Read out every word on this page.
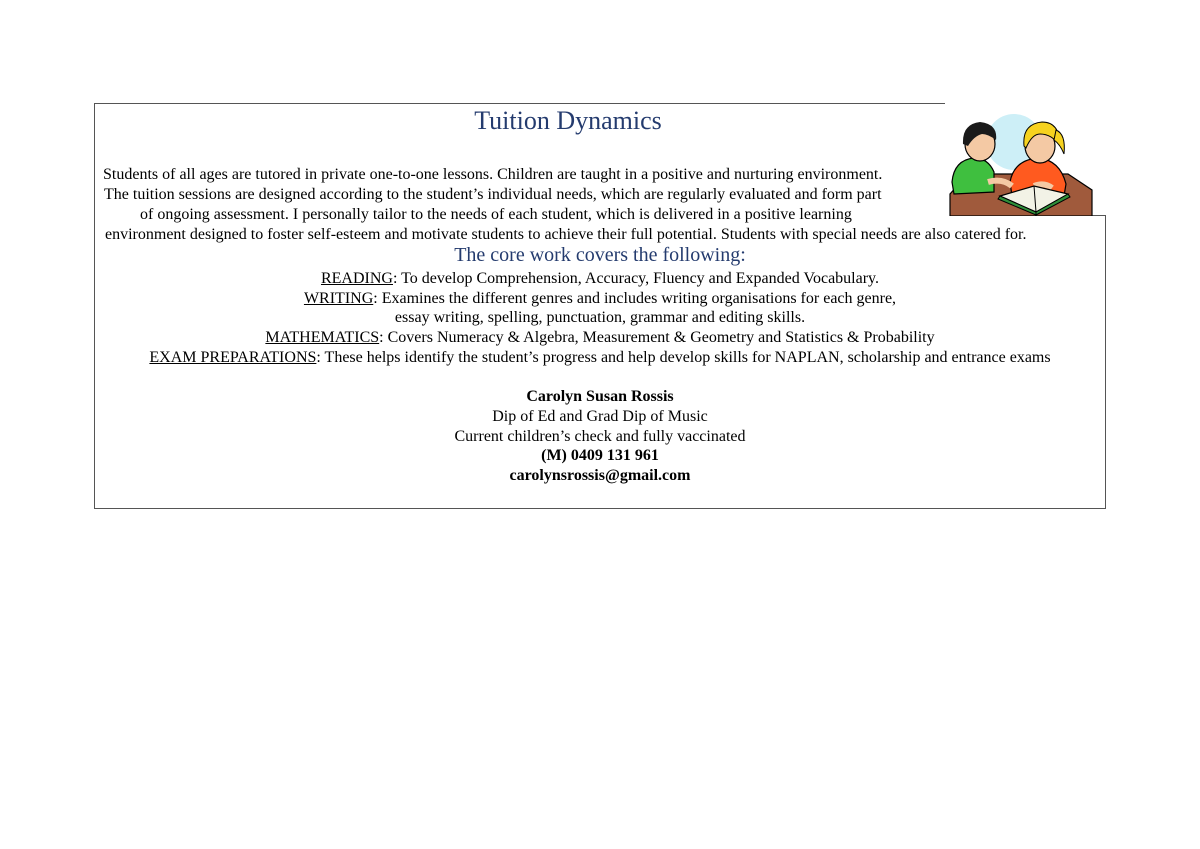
Tuition Dynamics
Students of all ages are tutored in private one-to-one lessons. Children are taught in a positive and nurturing environment.
The tuition sessions are designed according to the student’s individual needs, which are regularly evaluated and form part
of ongoing assessment. I personally tailor to the needs of each student, which is delivered in a positive learning
environment designed to foster self-esteem and motivate students to achieve their full potential. Students with special needs are also catered for.
The core work covers the following:
READING: To develop Comprehension, Accuracy, Fluency and Expanded Vocabulary.
WRITING: Examines the different genres and includes writing organisations for each genre,
essay writing, spelling, punctuation, grammar and editing skills.
MATHEMATICS: Covers Numeracy & Algebra, Measurement & Geometry and Statistics & Probability
EXAM PREPARATIONS: These helps identify the student’s progress and help develop skills for NAPLAN, scholarship and entrance exams
Carolyn Susan Rossis
Dip of Ed and Grad Dip of Music
Current children’s check and fully vaccinated
(M) 0409 131 961
carolynsrossis@gmail.com
